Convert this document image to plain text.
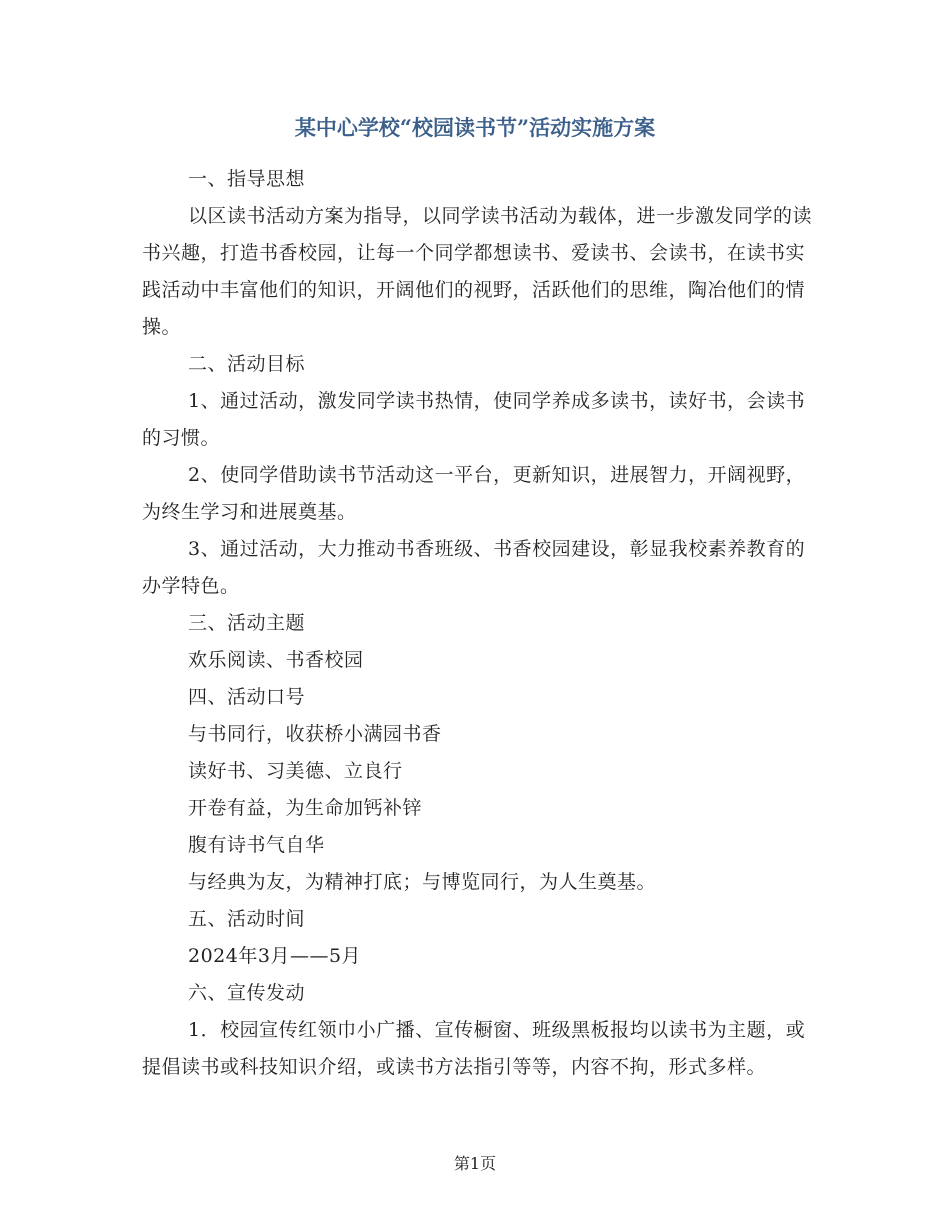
某中心学校“校园读书节”活动实施方案

一、指导思想

以区读书活动方案为指导，以同学读书活动为载体，进一步激发同学的读书兴趣，打造书香校园，让每一个同学都想读书、爱读书、会读书，在读书实践活动中丰富他们的知识，开阔他们的视野，活跃他们的思维，陶冶他们的情操。

二、活动目标

1、通过活动，激发同学读书热情，使同学养成多读书，读好书，会读书的习惯。

2、使同学借助读书节活动这一平台，更新知识，进展智力，开阔视野，为终生学习和进展奠基。

3、通过活动，大力推动书香班级、书香校园建设，彰显我校素养教育的办学特色。

三、活动主题

欢乐阅读、书香校园

四、活动口号

与书同行，收获桥小满园书香

读好书、习美德、立良行

开卷有益，为生命加钙补锌

腹有诗书气自华

与经典为友，为精神打底；与博览同行，为人生奠基。

五、活动时间

2024年3月——5月

六、宣传发动

1．校园宣传红领巾小广播、宣传橱窗、班级黑板报均以读书为主题，或提倡读书或科技知识介绍，或读书方法指引等等，内容不拘，形式多样。

第1页
